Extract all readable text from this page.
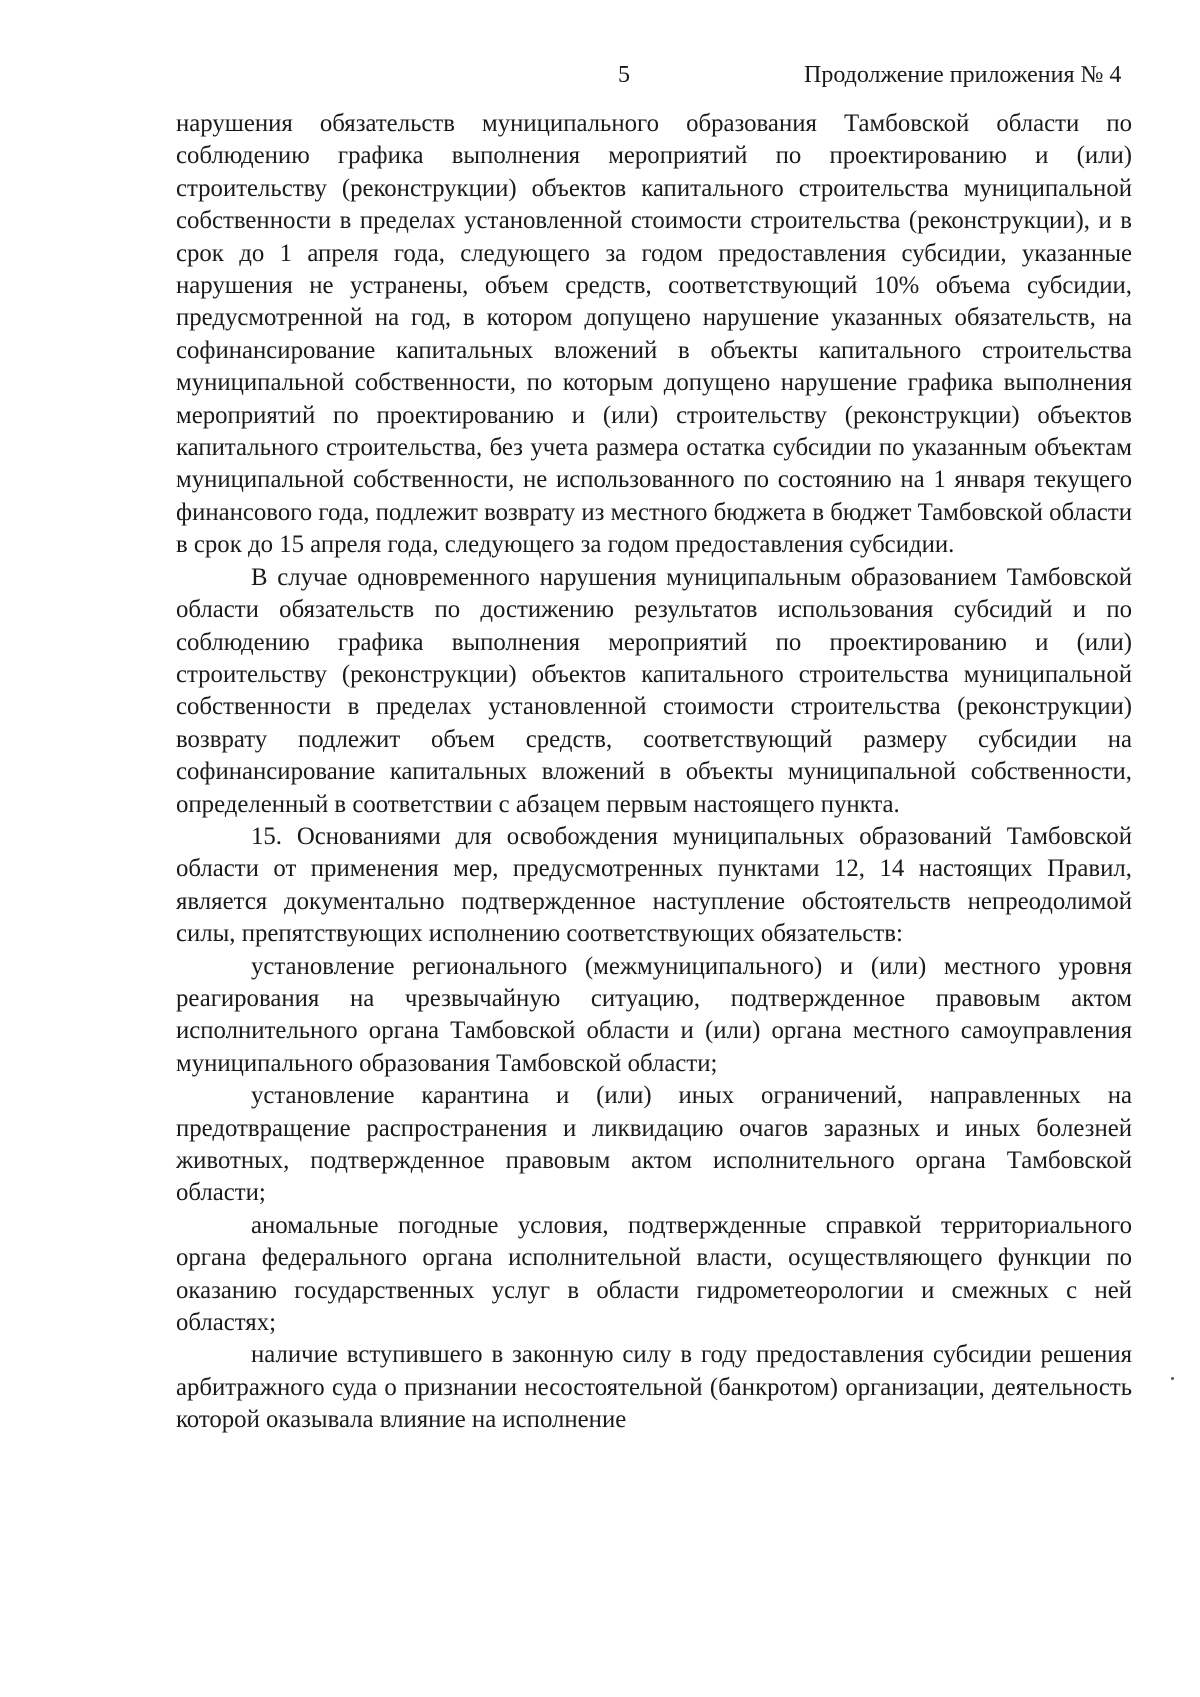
5	Продолжение приложения № 4

нарушения обязательств муниципального образования Тамбовской области по соблюдению графика выполнения мероприятий по проектированию и (или) строительству (реконструкции) объектов капитального строительства муниципальной собственности в пределах установленной стоимости строительства (реконструкции), и в срок до 1 апреля года, следующего за годом предоставления субсидии, указанные нарушения не устранены, объем средств, соответствующий 10% объема субсидии, предусмотренной на год, в котором допущено нарушение указанных обязательств, на софинансирование капитальных вложений в объекты капитального строительства муниципальной собственности, по которым допущено нарушение графика выполнения мероприятий по проектированию и (или) строительству (реконструкции) объектов капитального строительства, без учета размера остатка субсидии по указанным объектам муниципальной собственности, не использованного по состоянию на 1 января текущего финансового года, подлежит возврату из местного бюджета в бюджет Тамбовской области в срок до 15 апреля года, следующего за годом предоставления субсидии.

В случае одновременного нарушения муниципальным образованием Тамбовской области обязательств по достижению результатов использования субсидий и по соблюдению графика выполнения мероприятий по проектированию и (или) строительству (реконструкции) объектов капитального строительства муниципальной собственности в пределах установленной стоимости строительства (реконструкции) возврату подлежит объем средств, соответствующий размеру субсидии на софинансирование капитальных вложений в объекты муниципальной собственности, определенный в соответствии с абзацем первым настоящего пункта.

15. Основаниями для освобождения муниципальных образований Тамбовской области от применения мер, предусмотренных пунктами 12, 14 настоящих Правил, является документально подтвержденное наступление обстоятельств непреодолимой силы, препятствующих исполнению соответствующих обязательств:

установление регионального (межмуниципального) и (или) местного уровня реагирования на чрезвычайную ситуацию, подтвержденное правовым актом исполнительного органа Тамбовской области и (или) органа местного самоуправления муниципального образования Тамбовской области;

установление карантина и (или) иных ограничений, направленных на предотвращение распространения и ликвидацию очагов заразных и иных болезней животных, подтвержденное правовым актом исполнительного органа Тамбовской области;

аномальные погодные условия, подтвержденные справкой территориального органа федерального органа исполнительной власти, осуществляющего функции по оказанию государственных услуг в области гидрометеорологии и смежных с ней областях;

наличие вступившего в законную силу в году предоставления субсидии решения арбитражного суда о признании несостоятельной (банкротом) организации, деятельность которой оказывала влияние на исполнение
